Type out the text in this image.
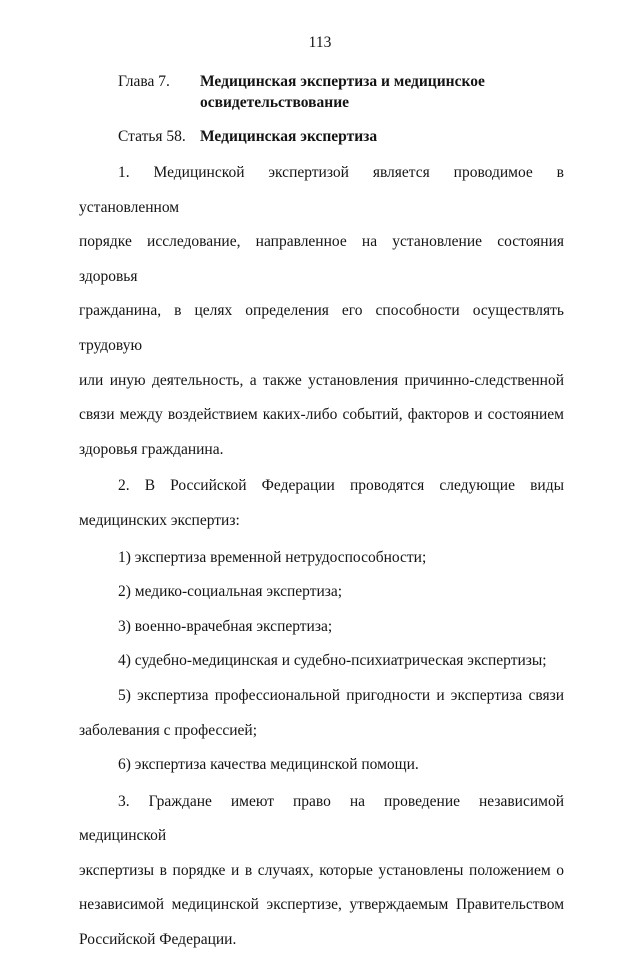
113
Глава 7. Медицинская экспертиза и медицинское освидетельствование
Статья 58. Медицинская экспертиза

1. Медицинской экспертизой является проводимое в установленном

порядке исследование, направленное на установление состояния здоровья

гражданина, в целях определения его способности осуществлять трудовую

или иную деятельность, а также установления причинно-следственной

связи между воздействием каких-либо событий, факторов и состоянием

здоровья гражданина.

2. В Российской Федерации проводятся следующие виды

медицинских экспертиз:

1) экспертиза временной нетрудоспособности;

2) медико-социальная экспертиза;

3) военно-врачебная экспертиза;

4) судебно-медицинская и судебно-психиатрическая экспертизы;

5) экспертиза профессиональной пригодности и экспертиза связи

заболевания с профессией;

6) экспертиза качества медицинской помощи.

3. Граждане имеют право на проведение независимой медицинской

экспертизы в порядке и в случаях, которые установлены положением о

независимой медицинской экспертизе, утверждаемым Правительством

Российской Федерации.
